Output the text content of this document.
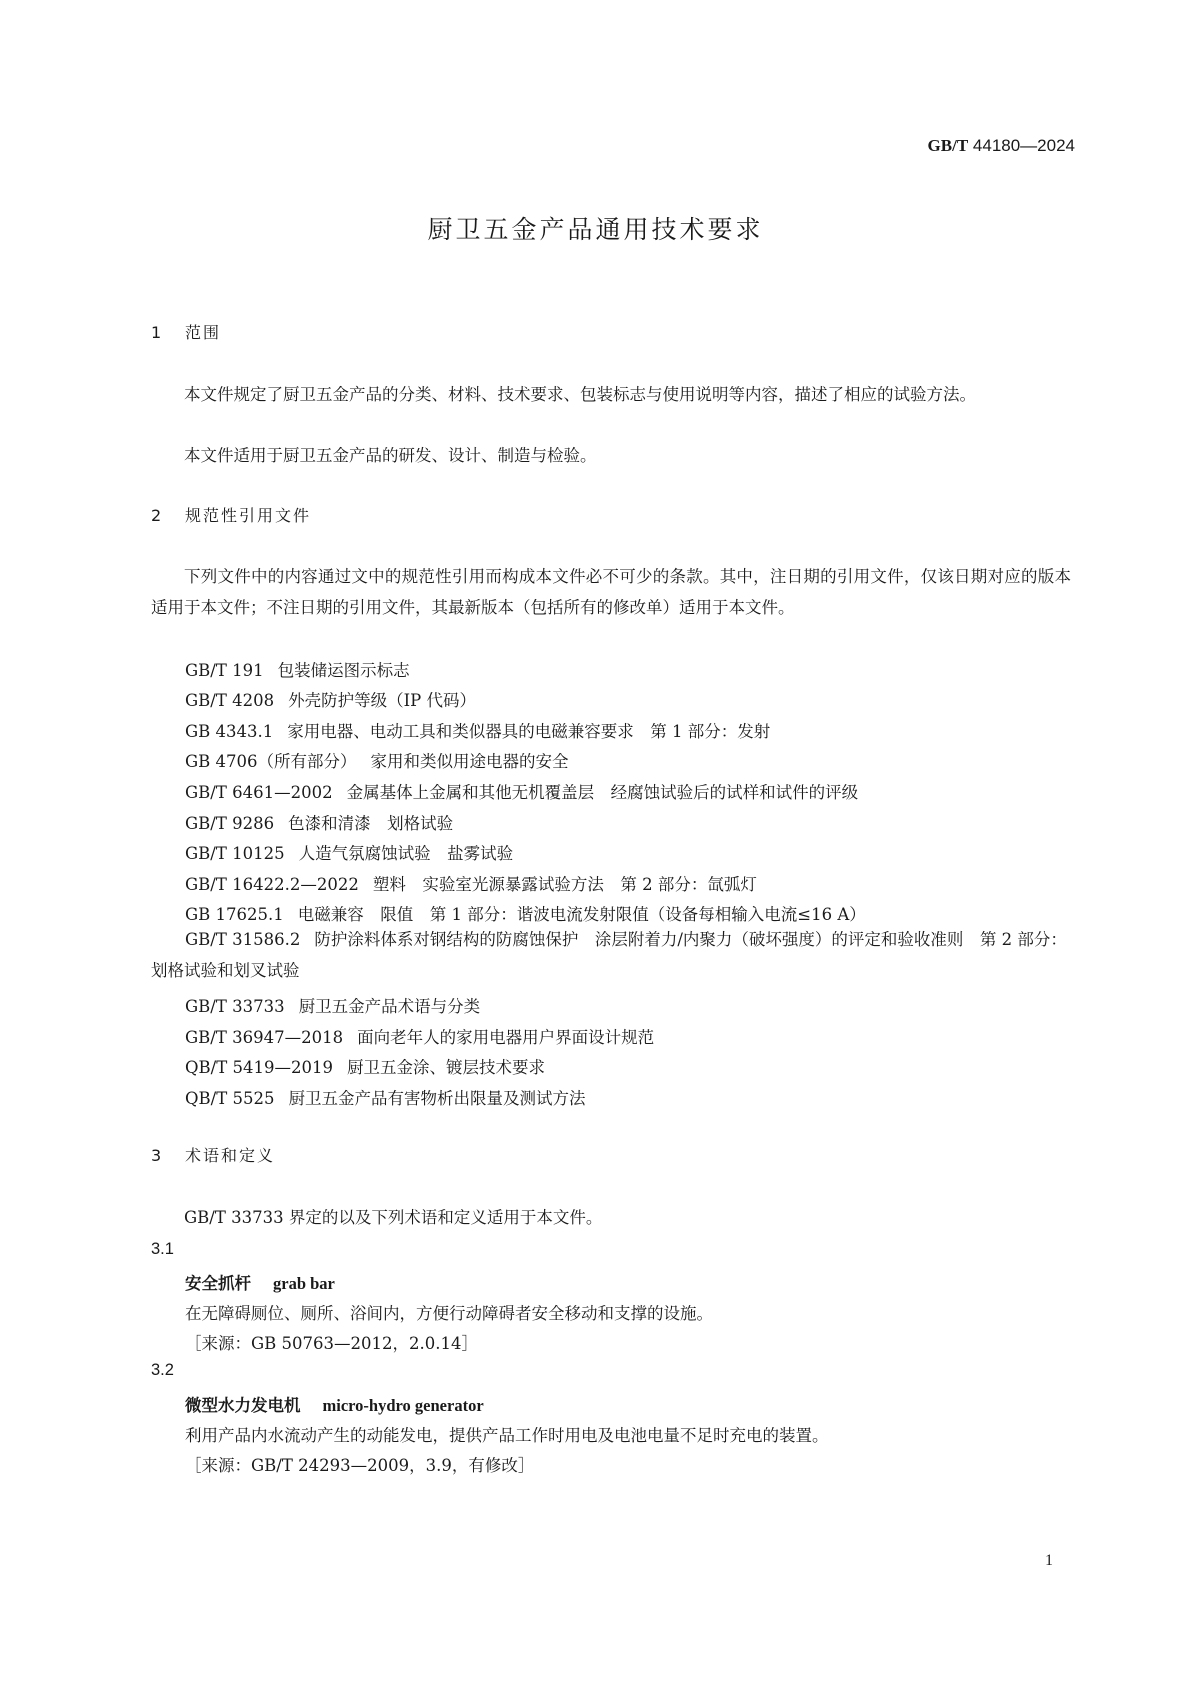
GB/T 44180—2024
厨卫五金产品通用技术要求
1 范围
本文件规定了厨卫五金产品的分类、材料、技术要求、包装标志与使用说明等内容，描述了相应的试验方法。
本文件适用于厨卫五金产品的研发、设计、制造与检验。
2 规范性引用文件
下列文件中的内容通过文中的规范性引用而构成本文件必不可少的条款。其中，注日期的引用文件，仅该日期对应的版本适用于本文件；不注日期的引用文件，其最新版本（包括所有的修改单）适用于本文件。
GB/T 191 包装储运图示标志
GB/T 4208 外壳防护等级（IP 代码）
GB 4343.1 家用电器、电动工具和类似器具的电磁兼容要求　第 1 部分：发射
GB 4706（所有部分） 家用和类似用途电器的安全
GB/T 6461—2002 金属基体上金属和其他无机覆盖层　经腐蚀试验后的试样和试件的评级
GB/T 9286 色漆和清漆　划格试验
GB/T 10125 人造气氛腐蚀试验　盐雾试验
GB/T 16422.2—2022 塑料　实验室光源暴露试验方法　第 2 部分：氙弧灯
GB 17625.1 电磁兼容　限值　第 1 部分：谐波电流发射限值（设备每相输入电流≤16 A）
GB/T 31586.2 防护涂料体系对钢结构的防腐蚀保护　涂层附着力/内聚力（破坏强度）的评定和验收准则　第 2 部分：划格试验和划叉试验
GB/T 33733 厨卫五金产品术语与分类
GB/T 36947—2018 面向老年人的家用电器用户界面设计规范
QB/T 5419—2019 厨卫五金涂、镀层技术要求
QB/T 5525 厨卫五金产品有害物析出限量及测试方法
3 术语和定义
GB/T 33733 界定的以及下列术语和定义适用于本文件。
3.1
安全抓杆 grab bar
在无障碍厕位、厕所、浴间内，方便行动障碍者安全移动和支撑的设施。
［来源：GB 50763—2012，2.0.14］
3.2
微型水力发电机 micro-hydro generator
利用产品内水流动产生的动能发电，提供产品工作时用电及电池电量不足时充电的装置。
［来源：GB/T 24293—2009，3.9，有修改］
1
